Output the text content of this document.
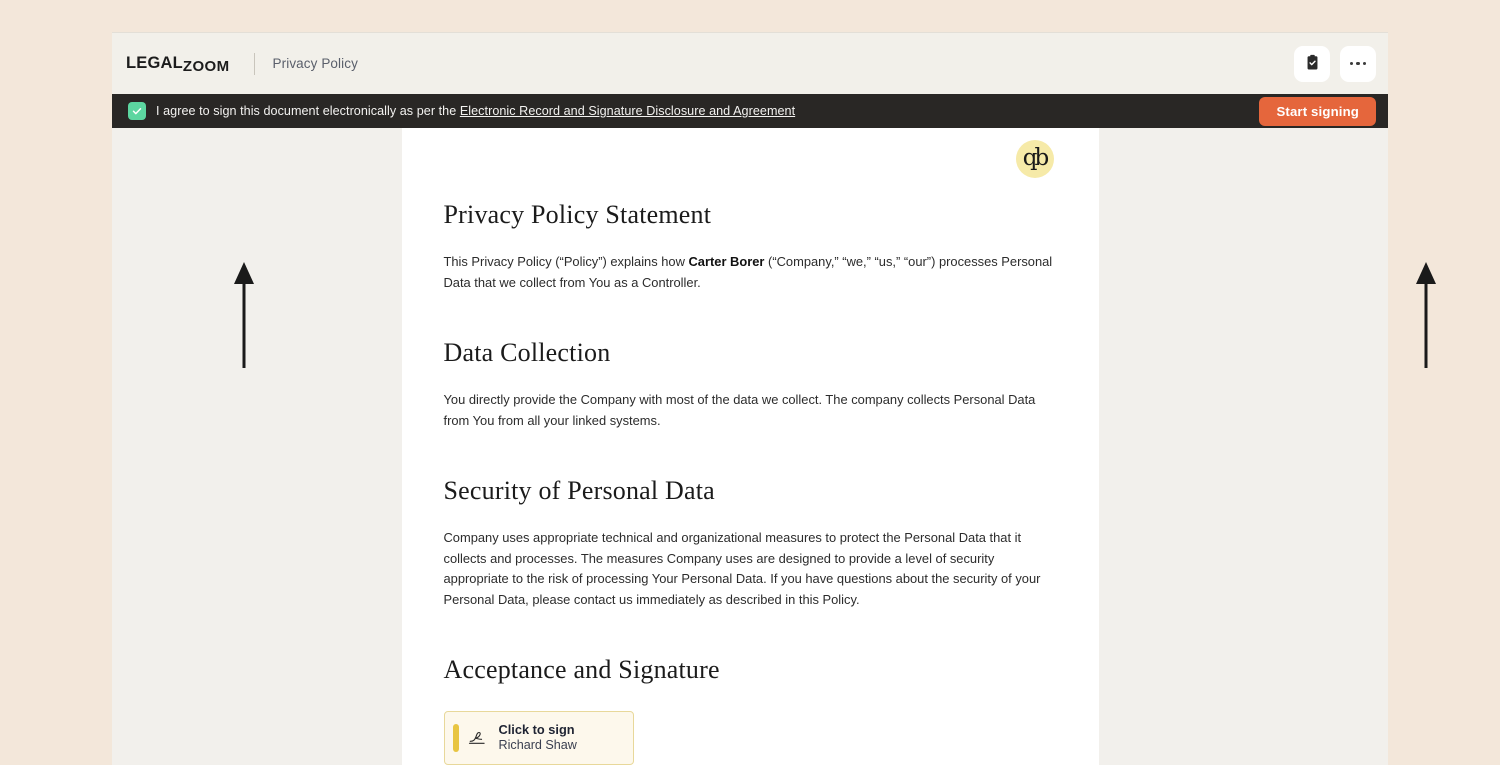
LEGALZOOM	Privacy Policy
I agree to sign this document electronically as per the Electronic Record and Signature Disclosure and Agreement	Start signing
qb
Privacy Policy Statement

This Privacy Policy (“Policy”) explains how Carter Borer (“Company,” “we,” “us,” “our”) processes Personal Data that we collect from You as a Controller.

Data Collection

You directly provide the Company with most of the data we collect. The company collects Personal Data from You from all your linked systems.

Security of Personal Data

Company uses appropriate technical and organizational measures to protect the Personal Data that it collects and processes. The measures Company uses are designed to provide a level of security appropriate to the risk of processing Your Personal Data. If you have questions about the security of your Personal Data, please contact us immediately as described in this Policy.

Acceptance and Signature
Click to sign
Richard Shaw
